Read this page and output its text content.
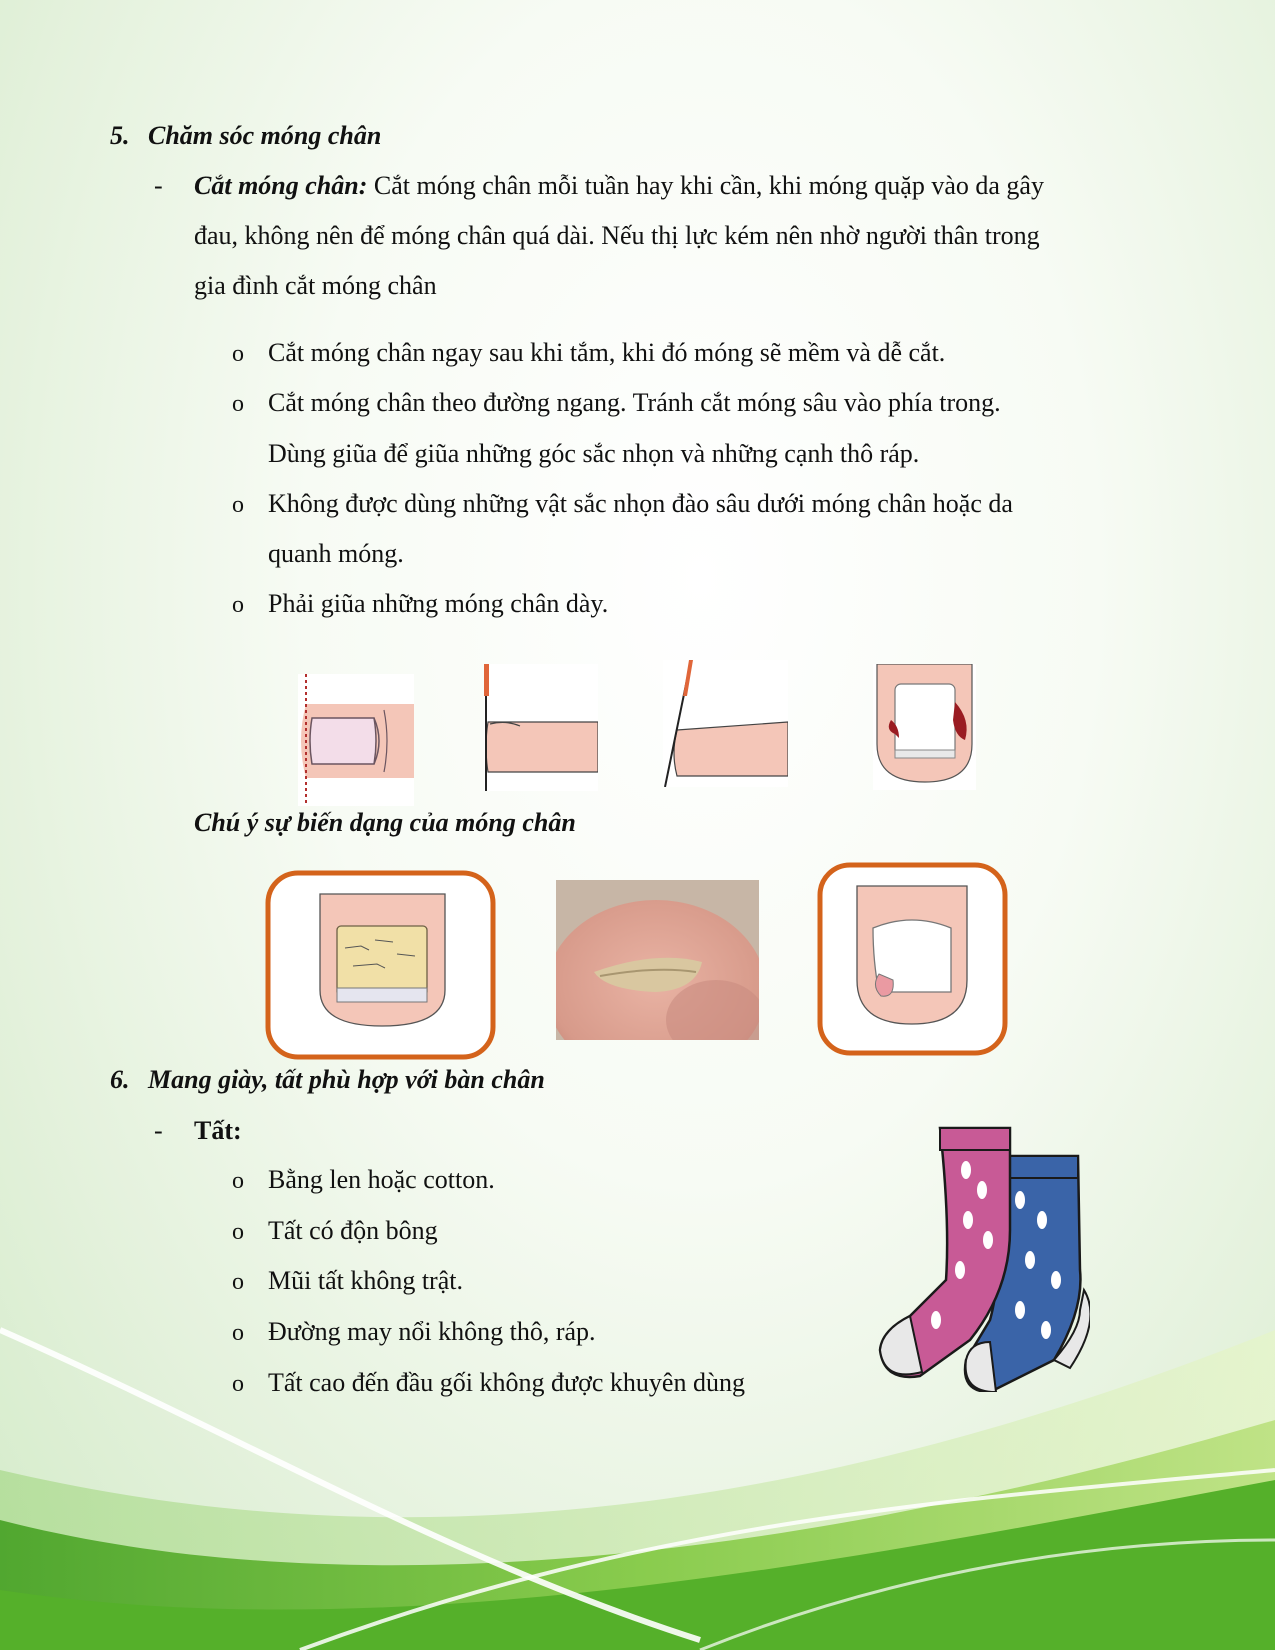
5. Chăm sóc móng chân
- Cắt móng chân: Cắt móng chân mỗi tuần hay khi cần, khi móng quặp vào da gây
đau, không nên để móng chân quá dài. Nếu thị lực kém nên nhờ người thân trong
gia đình cắt móng chân
o Cắt móng chân ngay sau khi tắm, khi đó móng sẽ mềm và dễ cắt.
o Cắt móng chân theo đường ngang. Tránh cắt móng sâu vào phía trong.
Dùng giũa để giũa những góc sắc nhọn và những cạnh thô ráp.
o Không được dùng những vật sắc nhọn đào sâu dưới móng chân hoặc da
quanh móng.
o Phải giũa những móng chân dày.
Chú ý sự biến dạng của móng chân
6. Mang giày, tất phù hợp với bàn chân
- Tất:
o Bằng len hoặc cotton.
o Tất có độn bông
o Mũi tất không trật.
o Đường may nổi không thô, ráp.
o Tất cao đến đầu gối không được khuyên dùng
